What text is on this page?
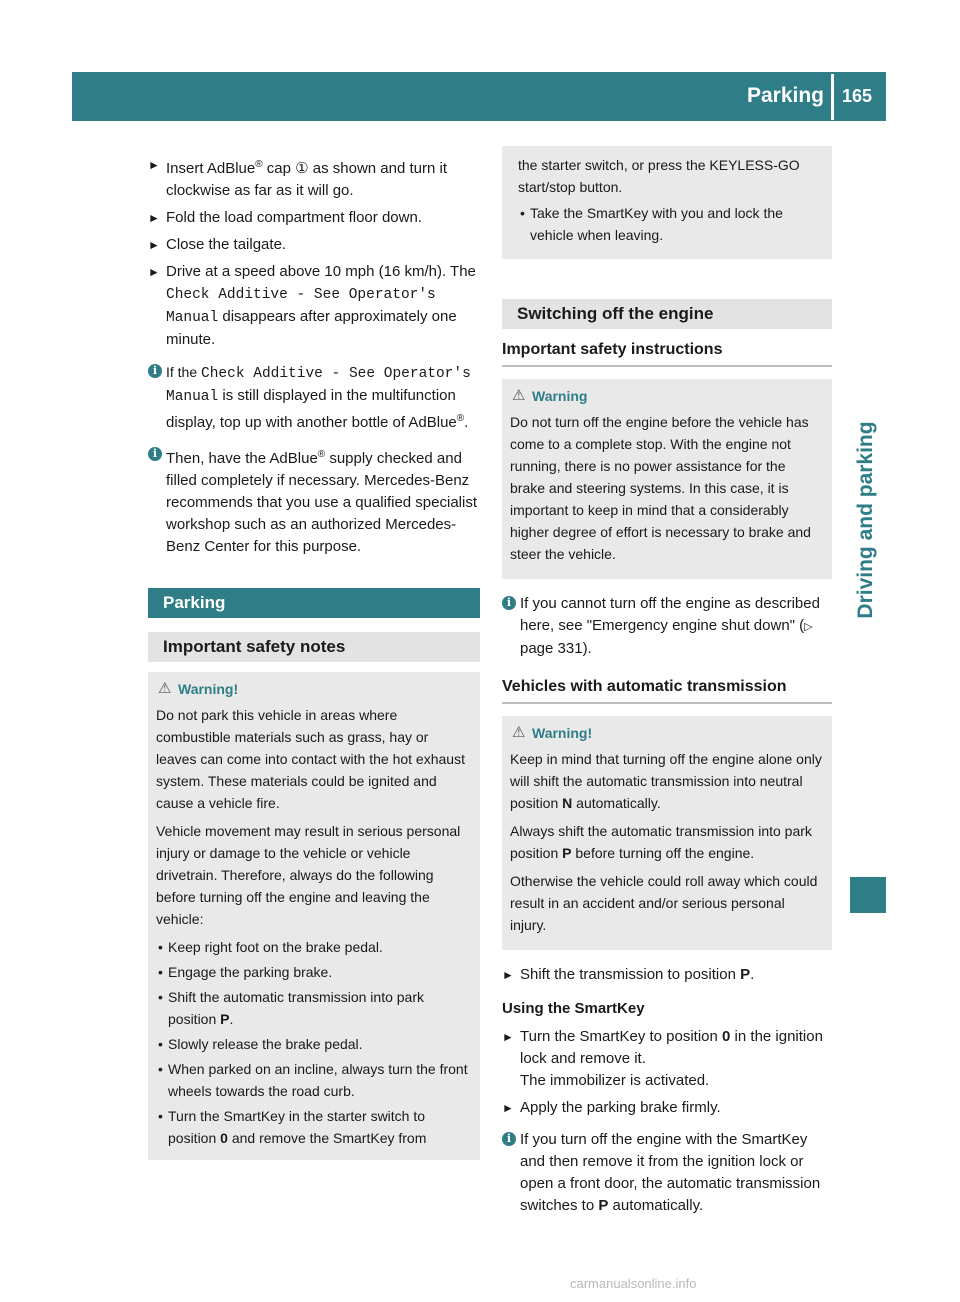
Parking 165
Driving and parking
► Insert AdBlue® cap ① as shown and turn it clockwise as far as it will go.
► Fold the load compartment floor down.
► Close the tailgate.
► Drive at a speed above 10 mph (16 km/h). The Check Additive - See Operator's Manual disappears after approximately one minute.
i If the Check Additive - See Operator's Manual is still displayed in the multifunction display, top up with another bottle of AdBlue®.
i Then, have the AdBlue® supply checked and filled completely if necessary. Mercedes-Benz recommends that you use a qualified specialist workshop such as an authorized Mercedes-Benz Center for this purpose.
Parking
Important safety notes
⚠ Warning!

Do not park this vehicle in areas where combustible materials such as grass, hay or leaves can come into contact with the hot exhaust system. These materials could be ignited and cause a vehicle fire.

Vehicle movement may result in serious personal injury or damage to the vehicle or vehicle drivetrain. Therefore, always do the following before turning off the engine and leaving the vehicle:

• Keep right foot on the brake pedal.
• Engage the parking brake.
• Shift the automatic transmission into park position P.
• Slowly release the brake pedal.
• When parked on an incline, always turn the front wheels towards the road curb.
• Turn the SmartKey in the starter switch to position 0 and remove the SmartKey from

the starter switch, or press the KEYLESS-GO start/stop button.

• Take the SmartKey with you and lock the vehicle when leaving.
Switching off the engine
Important safety instructions
⚠ Warning

Do not turn off the engine before the vehicle has come to a complete stop. With the engine not running, there is no power assistance for the brake and steering systems. In this case, it is important to keep in mind that a considerably higher degree of effort is necessary to brake and steer the vehicle.

i If you cannot turn off the engine as described here, see "Emergency engine shut down" (▷ page 331).
Vehicles with automatic transmission
⚠ Warning!

Keep in mind that turning off the engine alone only will shift the automatic transmission into neutral position N automatically.

Always shift the automatic transmission into park position P before turning off the engine.

Otherwise the vehicle could roll away which could result in an accident and/or serious personal injury.

► Shift the transmission to position P.
Using the SmartKey
► Turn the SmartKey to position 0 in the ignition lock and remove it.
The immobilizer is activated.
► Apply the parking brake firmly.
i If you turn off the engine with the SmartKey and then remove it from the ignition lock or open a front door, the automatic transmission switches to P automatically.
carmanualsonline.info
